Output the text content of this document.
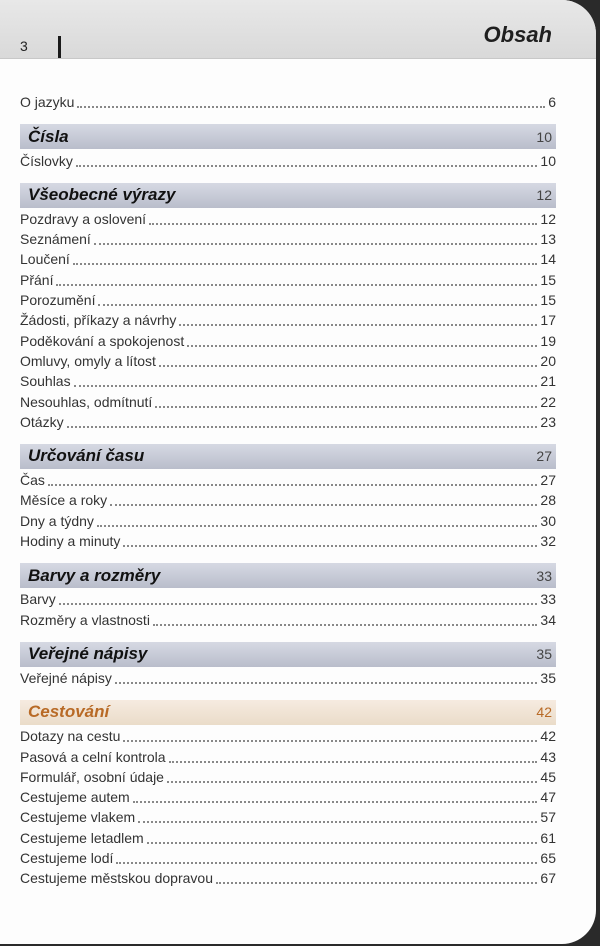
3	Obsah
O jazyku	6
Čísla	10
Číslovky	10
Všeobecné výrazy	12
Pozdravy a oslovení	12
Seznámení	13
Loučení	14
Přání	15
Porozumění	15
Žádosti, příkazy a návrhy	17
Poděkování a spokojenost	19
Omluvy, omyly a lítost	20
Souhlas	21
Nesouhlas, odmítnutí	22
Otázky	23
Určování času	27
Čas	27
Měsíce a roky	28
Dny a týdny	30
Hodiny a minuty	32
Barvy a rozměry	33
Barvy	33
Rozměry a vlastnosti	34
Veřejné nápisy	35
Veřejné nápisy	35
Cestování	42
Dotazy na cestu	42
Pasová a celní kontrola	43
Formulář, osobní údaje	45
Cestujeme autem	47
Cestujeme vlakem	57
Cestujeme letadlem	61
Cestujeme lodí	65
Cestujeme městskou dopravou	67
